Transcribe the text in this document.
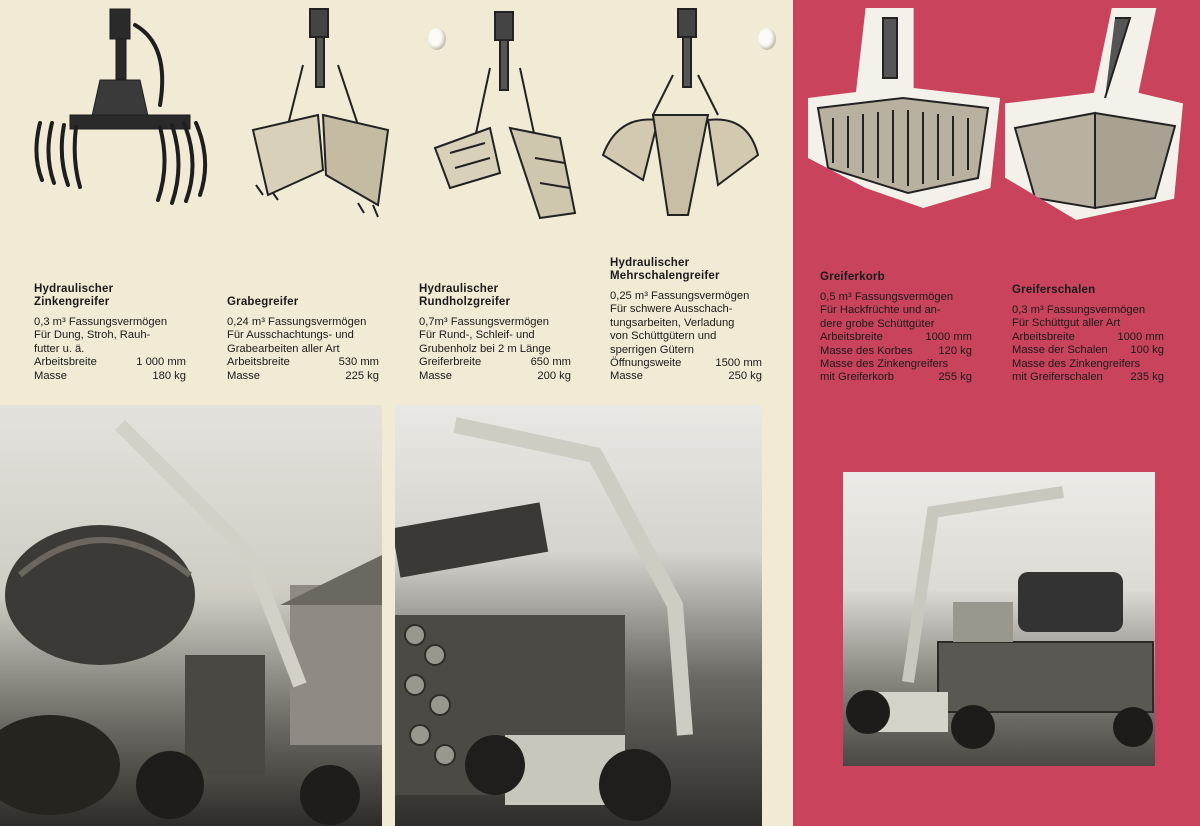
Hydraulischer
Zinkengreifer
0,3 m³ Fassungsvermögen
Für Dung, Stroh, Rauh-
futter u. ä.
Arbeitsbreite	1 000 mm
Masse	180 kg
Grabegreifer
0,24 m³ Fassungsvermögen
Für Ausschachtungs- und
Grabearbeiten aller Art
Arbeitsbreite	530 mm
Masse	225 kg
Hydraulischer
Rundholzgreifer
0,7m³ Fassungsvermögen
Für Rund-, Schleif- und
Grubenholz bei 2 m Länge
Greiferbreite	650 mm
Masse	200 kg
Hydraulischer
Mehrschalengreifer
0,25 m³ Fassungsvermögen
Für schwere Ausschach-
tungsarbeiten, Verladung
von Schüttgütern und
sperrigen Gütern
Öffnungsweite	1500 mm
Masse	250 kg
Greiferkorb
0,5 m³ Fassungsvermögen
Für Hackfrüchte und an-
dere grobe Schüttgüter
Arbeitsbreite	1000 mm
Masse des Korbes 120 kg
Masse des Zinkengreifers
mit Greiferkorb	255 kg
Greiferschalen
0,3 m³ Fassungsvermögen
Für Schüttgut aller Art
Arbeitsbreite	1000 mm
Masse der Schalen 100 kg
Masse des Zinkengreifers
mit Greiferschalen 235 kg
